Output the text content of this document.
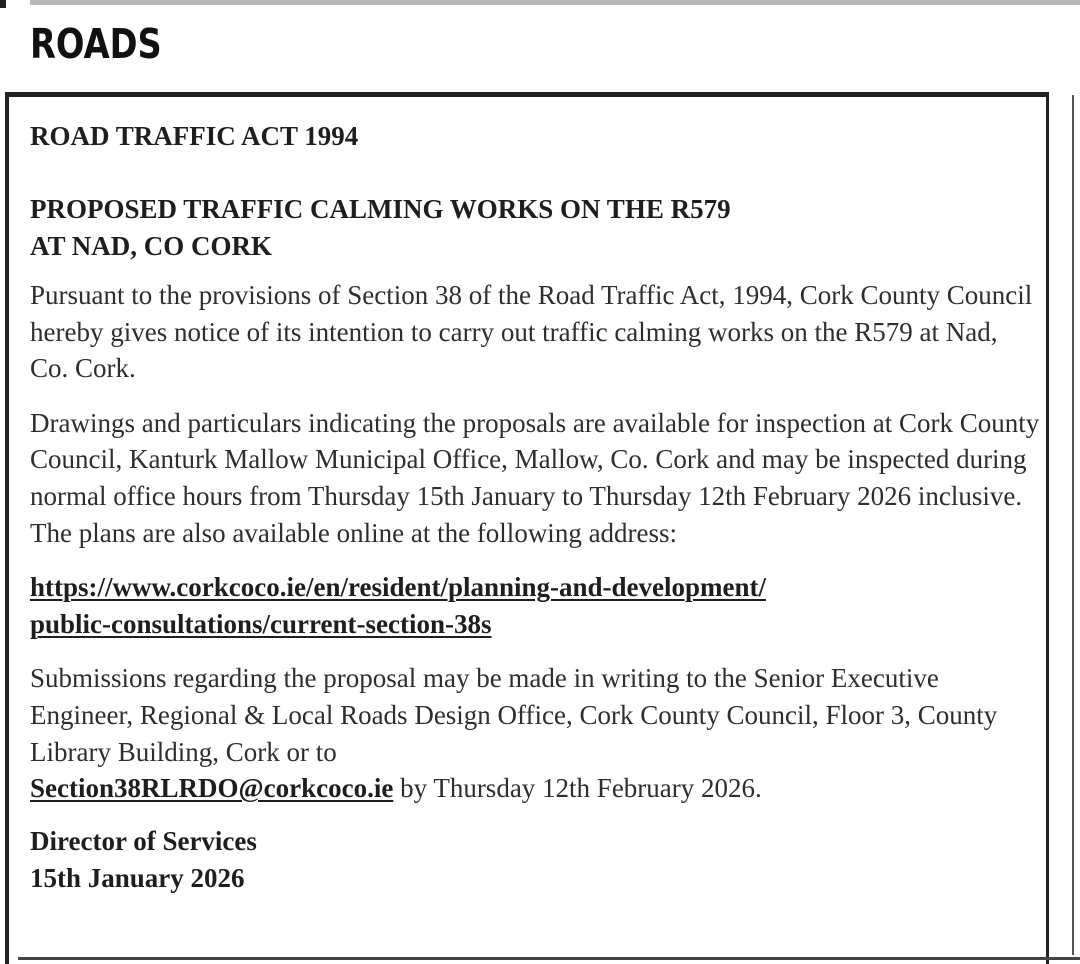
ROADS

ROAD TRAFFIC ACT 1994

PROPOSED TRAFFIC CALMING WORKS ON THE R579

AT NAD, CO CORK

Pursuant to the provisions of Section 38 of the Road Traffic Act, 1994, Cork County Council hereby gives notice of its intention to carry out traffic calming works on the R579 at Nad, Co. Cork.

Drawings and particulars indicating the proposals are available for inspection at Cork County Council, Kanturk Mallow Municipal Office, Mallow, Co. Cork and may be inspected during normal office hours from Thursday 15th January to Thursday 12th February 2026 inclusive. The plans are also available online at the following address:

https://www.corkcoco.ie/en/resident/planning-and-development/
public-consultations/current-section-38s

Submissions regarding the proposal may be made in writing to the Senior Executive Engineer, Regional & Local Roads Design Office, Cork County Council, Floor 3, County Library Building, Cork or to
Section38RLRDO@corkcoco.ie by Thursday 12th February 2026.

Director of Services

15th January 2026
